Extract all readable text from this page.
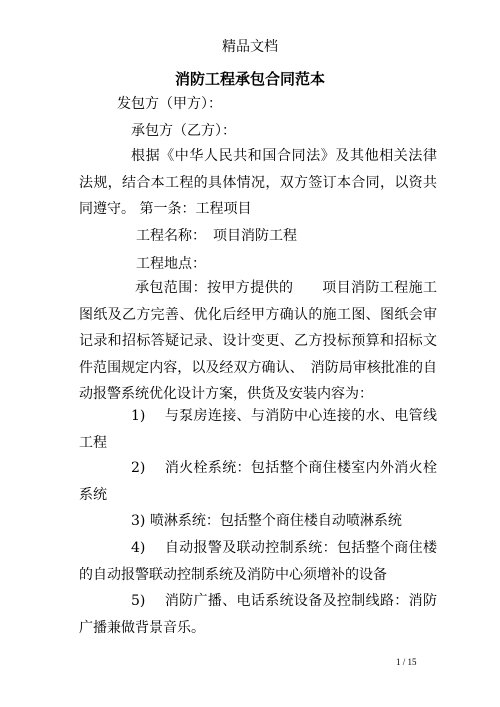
精品文档
消防工程承包合同范本
发包方（甲方）：
承包方（乙方）：

根据《中华人民共和国合同法》及其他相关法律法规，结合本工程的具体情况，双方签订本合同，以资共同遵守。 第一条：工程项目

工程名称：　项目消防工程
工程地点：

承包范围：按甲方提供的　　项目消防工程施工图纸及乙方完善、优化后经甲方确认的施工图、图纸会审记录和招标答疑记录、设计变更、乙方投标预算和招标文件范围规定内容，以及经双方确认、　消防局审核批准的自动报警系统优化设计方案，供货及安装内容为：

1)　 与泵房连接、与消防中心连接的水、电管线工程

2)　 消火栓系统：包括整个商住楼室内外消火栓系统

3) 喷淋系统：包括整个商住楼自动喷淋系统

4)　 自动报警及联动控制系统：包括整个商住楼的自动报警联动控制系统及消防中心须增补的设备

5)　 消防广播、电话系统设备及控制线路：消防广播兼做背景音乐。

1 / 15
